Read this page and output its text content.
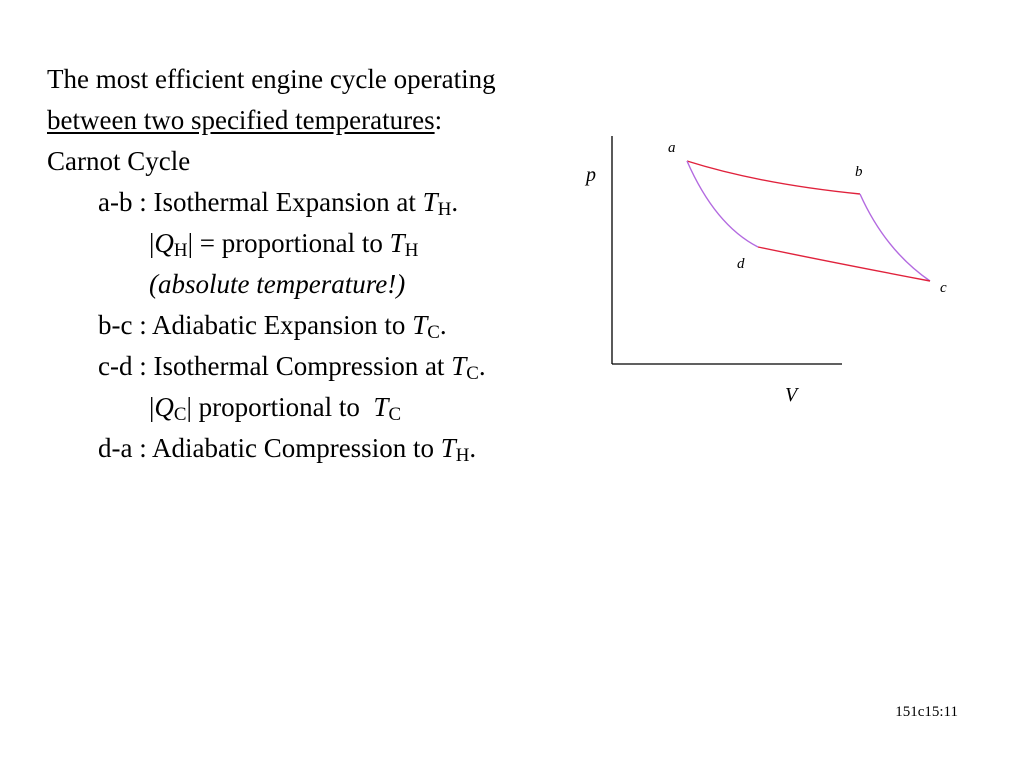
The most efficient engine cycle operating
between two specified temperatures:
Carnot Cycle
a-b : Isothermal Expansion at $T_H$.
$|Q_H|$ = proportional to $T_H$
(absolute temperature!)
b-c : Adiabatic Expansion to $T_C$.
c-d : Isothermal Compression at $T_C$.
$|Q_C|$ proportional to  $T_C$
d-a : Adiabatic Compression to $T_H$.
p
V
a
b
c
d
151c15:11
